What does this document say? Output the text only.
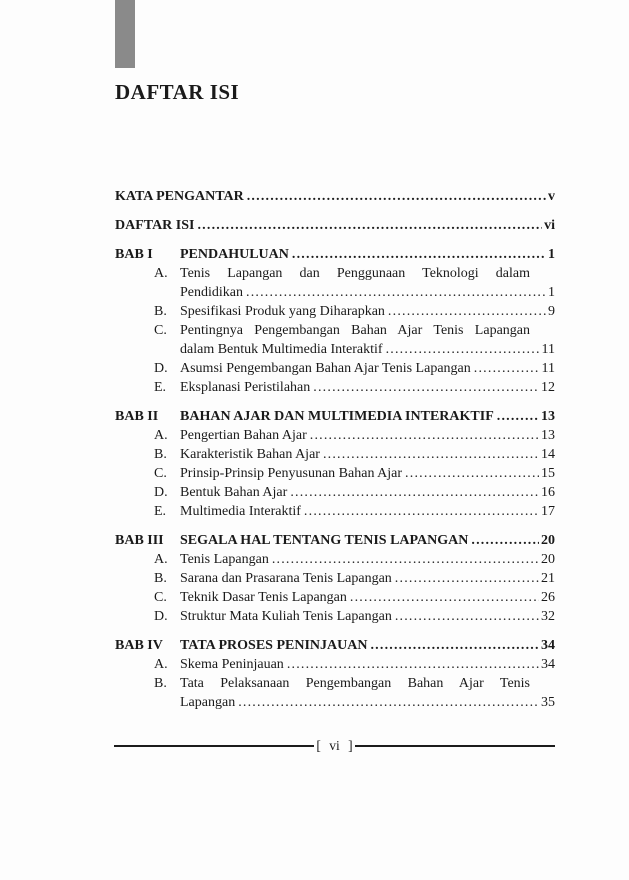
DAFTAR ISI
KATA PENGANTAR .....	v
DAFTAR ISI .....	vi
BAB I	PENDAHULUAN .....	1
A. Tenis Lapangan dan Penggunaan Teknologi dalam
Pendidikan .....	1
B. Spesifikasi Produk yang Diharapkan .....	9
C. Pentingnya Pengembangan Bahan Ajar Tenis Lapangan
dalam Bentuk Multimedia Interaktif .....	11
D. Asumsi Pengembangan Bahan Ajar Tenis Lapangan .....	11
E. Eksplanasi Peristilahan .....	12
BAB II	BAHAN AJAR DAN MULTIMEDIA INTERAKTIF .....	13
A. Pengertian Bahan Ajar .....	13
B. Karakteristik Bahan Ajar .....	14
C. Prinsip-Prinsip Penyusunan Bahan Ajar .....	15
D. Bentuk Bahan Ajar .....	16
E. Multimedia Interaktif .....	17
BAB III	SEGALA HAL TENTANG TENIS LAPANGAN .....	20
A. Tenis Lapangan .....	20
B. Sarana dan Prasarana Tenis Lapangan .....	21
C. Teknik Dasar Tenis Lapangan .....	26
D. Struktur Mata Kuliah Tenis Lapangan .....	32
BAB IV	TATA PROSES PENINJAUAN .....	34
A. Skema Peninjauan .....	34
B. Tata Pelaksanaan Pengembangan Bahan Ajar Tenis
Lapangan .....	35
[ vi ]
